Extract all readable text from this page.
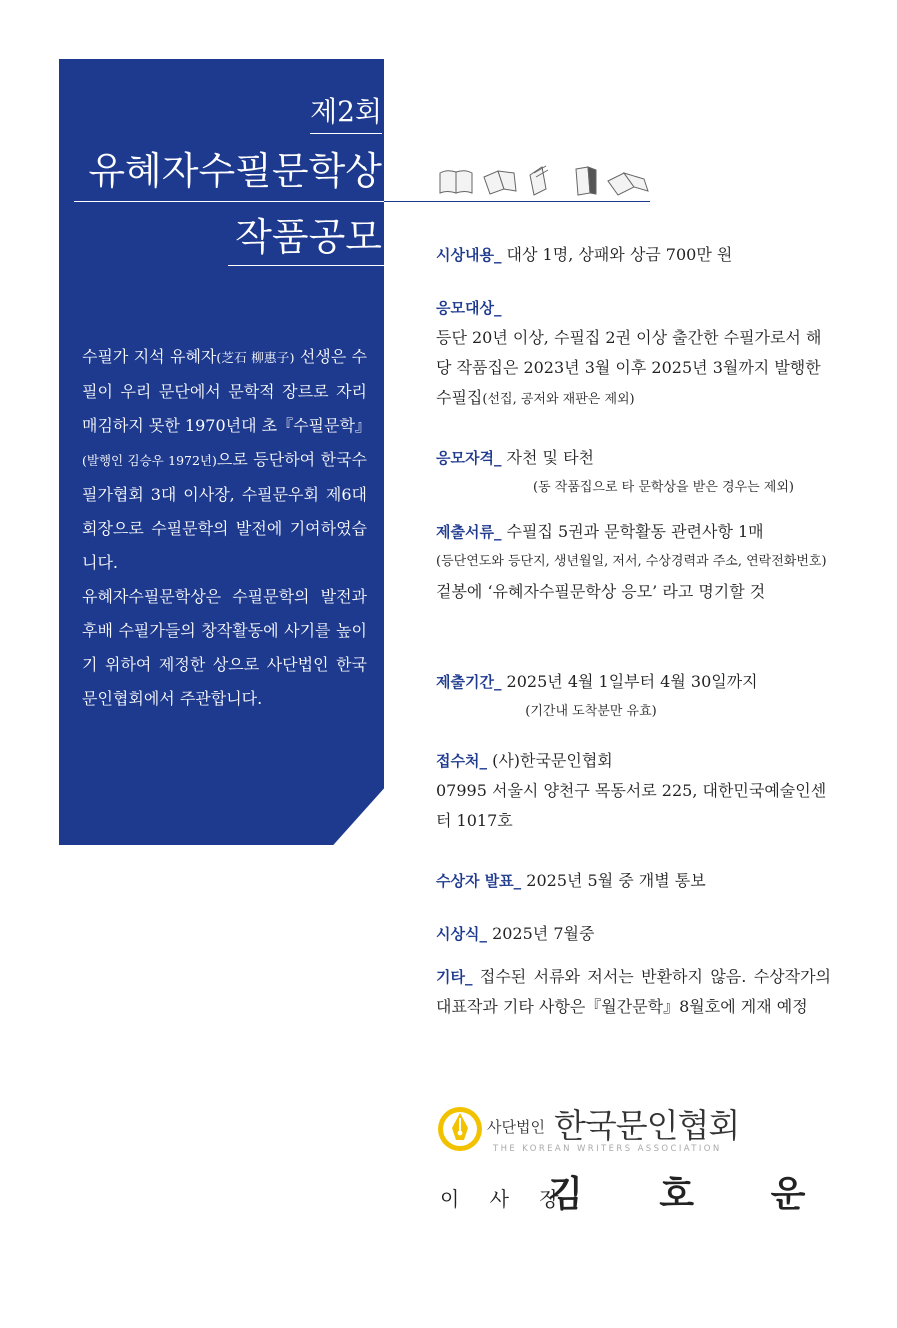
제2회
유혜자수필문학상
작품공모

수필가 지석 유혜자(芝石 柳惠子) 선생은 수필이 우리 문단에서 문학적 장르로 자리매김하지 못한 1970년대 초『수필문학』(발행인 김승우 1972년)으로 등단하여 한국수필가협회 3대 이사장, 수필문우회 제6대 회장으로 수필문학의 발전에 기여하였습니다.

유혜자수필문학상은 수필문학의 발전과 후배 수필가들의 창작활동에 사기를 높이기 위하여 제정한 상으로 사단법인 한국문인협회에서 주관합니다.

시상내용_ 대상 1명, 상패와 상금 700만 원
응모대상_
등단 20년 이상, 수필집 2권 이상 출간한 수필가로서 해당 작품집은 2023년 3월 이후 2025년 3월까지 발행한 수필집(선집, 공저와 재판은 제외)
응모자격_ 자천 및 타천
(동 작품집으로 타 문학상을 받은 경우는 제외)
제출서류_ 수필집 5권과 문학활동 관련사항 1매
(등단연도와 등단지, 생년월일, 저서, 수상경력과 주소, 연락전화번호)
겉봉에 ‘유혜자수필문학상 응모’ 라고 명기할 것
제출기간_ 2025년 4월 1일부터 4월 30일까지
(기간내 도착분만 유효)
접수처_ (사)한국문인협회
07995 서울시 양천구 목동서로 225, 대한민국예술인센터 1017호
수상자 발표_ 2025년 5월 중 개별 통보
시상식_ 2025년 7월중
기타_ 접수된 서류와 저서는 반환하지 않음. 수상작가의 대표작과 기타 사항은『월간문학』8월호에 게재 예정
사단법인 한국문인협회
THE KOREAN WRITERS ASSOCIATION
이 사 장
김 호 운
